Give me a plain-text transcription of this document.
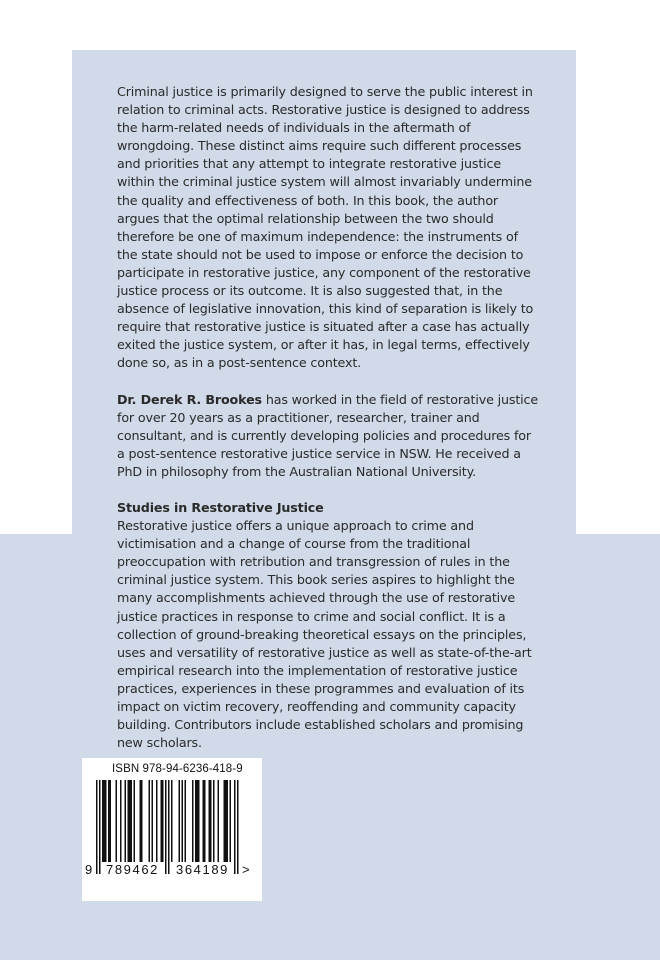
Criminal justice is primarily designed to serve the public interest in relation to criminal acts. Restorative justice is designed to address the harm-related needs of individuals in the aftermath of wrongdoing. These distinct aims require such different processes and priorities that any attempt to integrate restorative justice within the criminal justice system will almost invariably undermine the quality and effectiveness of both. In this book, the author argues that the optimal relationship between the two should therefore be one of maximum independence: the instruments of the state should not be used to impose or enforce the decision to participate in restorative justice, any component of the restorative justice process or its outcome. It is also suggested that, in the absence of legislative innovation, this kind of separation is likely to require that restorative justice is situated after a case has actually exited the justice system, or after it has, in legal terms, effectively done so, as in a post-sentence context.

Dr. Derek R. Brookes has worked in the field of restorative justice for over 20 years as a practitioner, researcher, trainer and consultant, and is currently developing policies and procedures for a post-sentence restorative justice service in NSW. He received a PhD in philosophy from the Australian National University.

Studies in Restorative Justice

Restorative justice offers a unique approach to crime and victimisation and a change of course from the traditional preoccupation with retribution and transgression of rules in the criminal justice system. This book series aspires to highlight the many accomplishments achieved through the use of restorative justice practices in response to crime and social conflict. It is a collection of ground-breaking theoretical essays on the principles, uses and versatility of restorative justice as well as state-of-the-art empirical research into the implementation of restorative justice practices, experiences in these programmes and evaluation of its impact on victim recovery, reoffending and community capacity building. Contributors include established scholars and promising new scholars.

ISBN 978-94-6236-418-9
9 789462 364189 >
